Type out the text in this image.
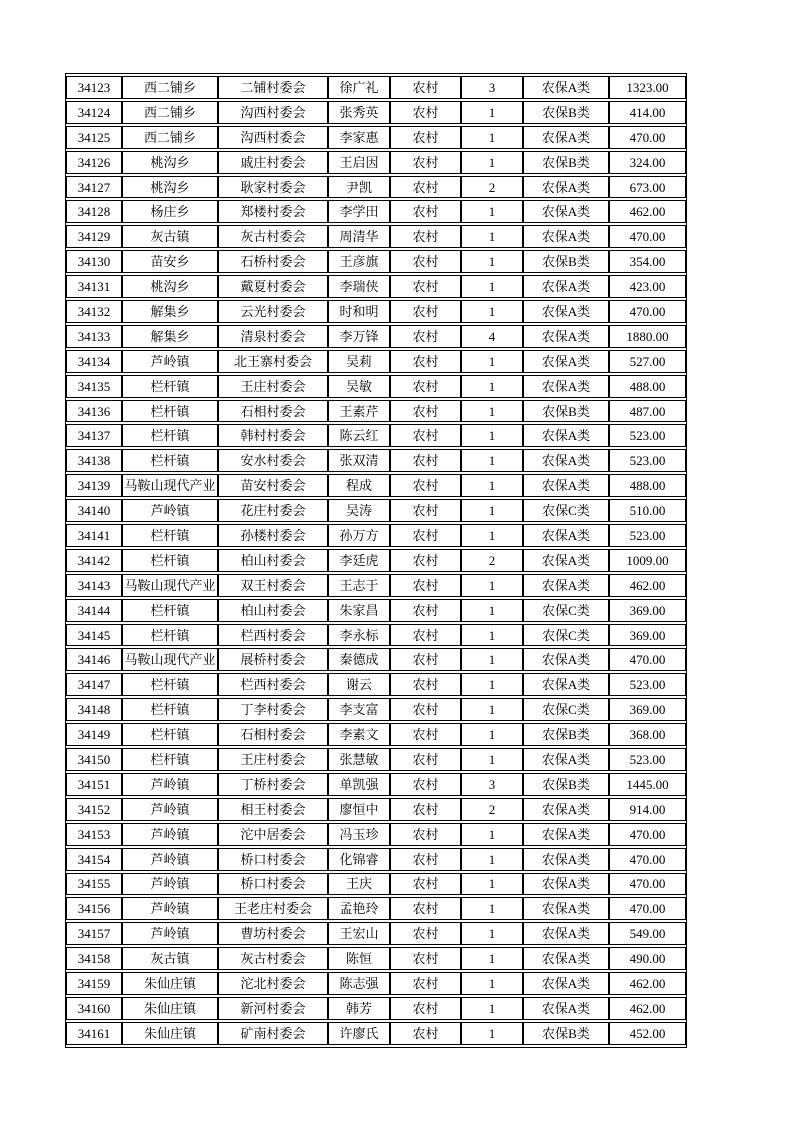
34123	西二铺乡	二铺村委会	徐广礼	农村	3	农保A类	1323.00
34124	西二铺乡	沟西村委会	张秀英	农村	1	农保B类	414.00
34125	西二铺乡	沟西村委会	李家惠	农村	1	农保A类	470.00
34126	桃沟乡	戚庄村委会	王启因	农村	1	农保B类	324.00
34127	桃沟乡	耿家村委会	尹凯	农村	2	农保A类	673.00
34128	杨庄乡	郑楼村委会	李学田	农村	1	农保A类	462.00
34129	灰古镇	灰古村委会	周清华	农村	1	农保A类	470.00
34130	苗安乡	石桥村委会	王彦旗	农村	1	农保B类	354.00
34131	桃沟乡	戴夏村委会	李瑞侠	农村	1	农保A类	423.00
34132	解集乡	云光村委会	时和明	农村	1	农保A类	470.00
34133	解集乡	清泉村委会	李万锋	农村	4	农保A类	1880.00
34134	芦岭镇	北王寨村委会	吴莉	农村	1	农保A类	527.00
34135	栏杆镇	王庄村委会	吴敏	农村	1	农保A类	488.00
34136	栏杆镇	石相村委会	王素芹	农村	1	农保B类	487.00
34137	栏杆镇	韩村村委会	陈云红	农村	1	农保A类	523.00
34138	栏杆镇	安水村委会	张双清	农村	1	农保A类	523.00
34139	马鞍山现代产业	苗安村委会	程成	农村	1	农保A类	488.00
34140	芦岭镇	花庄村委会	吴涛	农村	1	农保C类	510.00
34141	栏杆镇	孙楼村委会	孙万方	农村	1	农保A类	523.00
34142	栏杆镇	柏山村委会	李廷虎	农村	2	农保A类	1009.00
34143	马鞍山现代产业	双王村委会	王志于	农村	1	农保A类	462.00
34144	栏杆镇	柏山村委会	朱家昌	农村	1	农保C类	369.00
34145	栏杆镇	栏西村委会	李永标	农村	1	农保C类	369.00
34146	马鞍山现代产业	展桥村委会	秦德成	农村	1	农保A类	470.00
34147	栏杆镇	栏西村委会	谢云	农村	1	农保A类	523.00
34148	栏杆镇	丁李村委会	李支富	农村	1	农保C类	369.00
34149	栏杆镇	石相村委会	李素文	农村	1	农保B类	368.00
34150	栏杆镇	王庄村委会	张慧敏	农村	1	农保A类	523.00
34151	芦岭镇	丁桥村委会	单凯强	农村	3	农保B类	1445.00
34152	芦岭镇	相王村委会	廖恒中	农村	2	农保A类	914.00
34153	芦岭镇	沱中居委会	冯玉珍	农村	1	农保A类	470.00
34154	芦岭镇	桥口村委会	化锦睿	农村	1	农保A类	470.00
34155	芦岭镇	桥口村委会	王庆	农村	1	农保A类	470.00
34156	芦岭镇	王老庄村委会	孟艳玲	农村	1	农保A类	470.00
34157	芦岭镇	曹坊村委会	王宏山	农村	1	农保A类	549.00
34158	灰古镇	灰古村委会	陈恒	农村	1	农保A类	490.00
34159	朱仙庄镇	沱北村委会	陈志强	农村	1	农保A类	462.00
34160	朱仙庄镇	新河村委会	韩芳	农村	1	农保A类	462.00
34161	朱仙庄镇	矿南村委会	许廖氏	农村	1	农保B类	452.00
